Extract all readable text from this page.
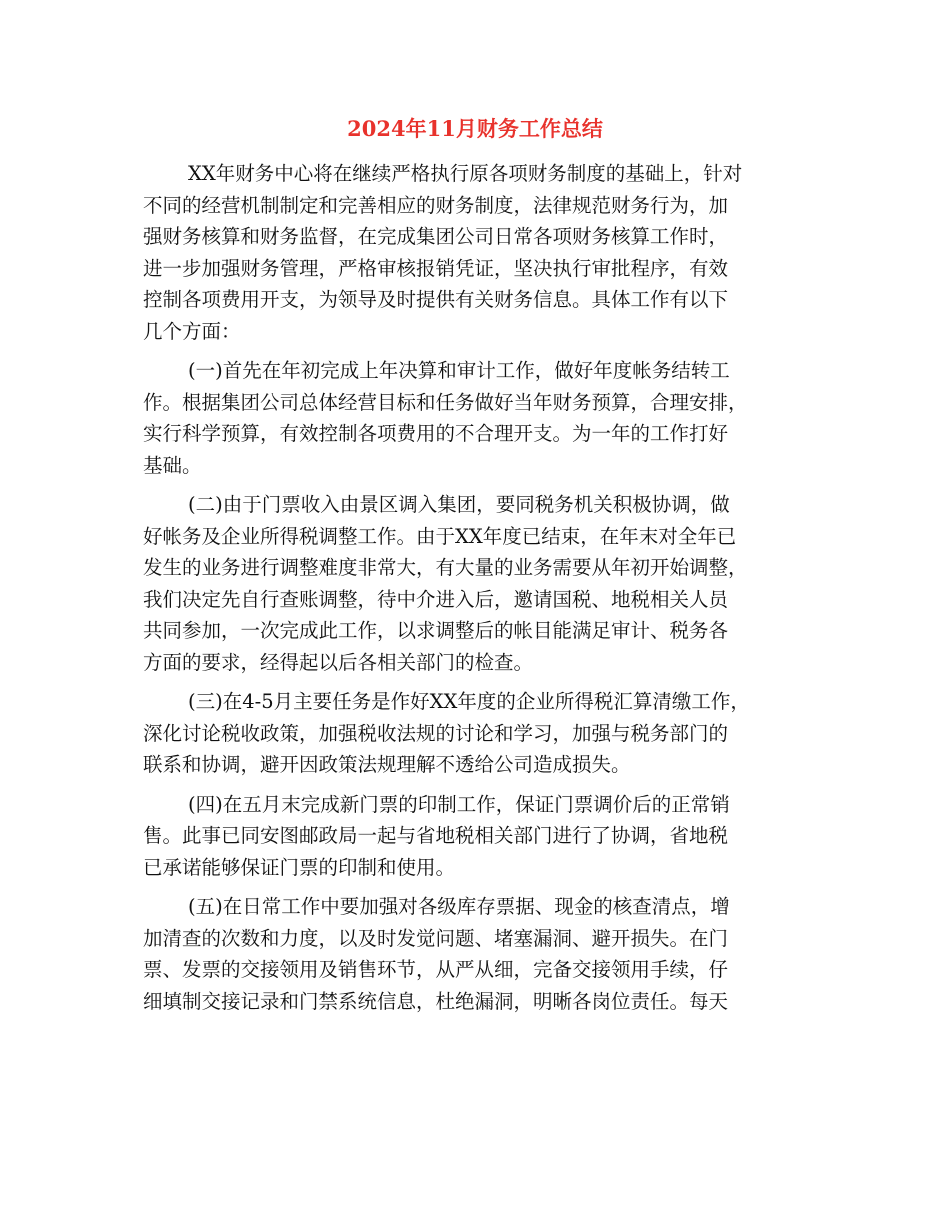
2024年11月财务工作总结
XX年财务中心将在继续严格执行原各项财务制度的基础上，针对
不同的经营机制制定和完善相应的财务制度，法律规范财务行为，加
强财务核算和财务监督，在完成集团公司日常各项财务核算工作时，
进一步加强财务管理，严格审核报销凭证，坚决执行审批程序，有效
控制各项费用开支，为领导及时提供有关财务信息。具体工作有以下
几个方面：
(一)首先在年初完成上年决算和审计工作，做好年度帐务结转工
作。根据集团公司总体经营目标和任务做好当年财务预算，合理安排，
实行科学预算，有效控制各项费用的不合理开支。为一年的工作打好
基础。
(二)由于门票收入由景区调入集团，要同税务机关积极协调，做
好帐务及企业所得税调整工作。由于XX年度已结束，在年末对全年已
发生的业务进行调整难度非常大，有大量的业务需要从年初开始调整，
我们决定先自行查账调整，待中介进入后，邀请国税、地税相关人员
共同参加，一次完成此工作，以求调整后的帐目能满足审计、税务各
方面的要求，经得起以后各相关部门的检查。
(三)在4-5月主要任务是作好XX年度的企业所得税汇算清缴工作，
深化讨论税收政策，加强税收法规的讨论和学习，加强与税务部门的
联系和协调，避开因政策法规理解不透给公司造成损失。
(四)在五月末完成新门票的印制工作，保证门票调价后的正常销
售。此事已同安图邮政局一起与省地税相关部门进行了协调，省地税
已承诺能够保证门票的印制和使用。
(五)在日常工作中要加强对各级库存票据、现金的核查清点，增
加清查的次数和力度，以及时发觉问题、堵塞漏洞、避开损失。在门
票、发票的交接领用及销售环节，从严从细，完备交接领用手续，仔
细填制交接记录和门禁系统信息，杜绝漏洞，明晰各岗位责任。每天
